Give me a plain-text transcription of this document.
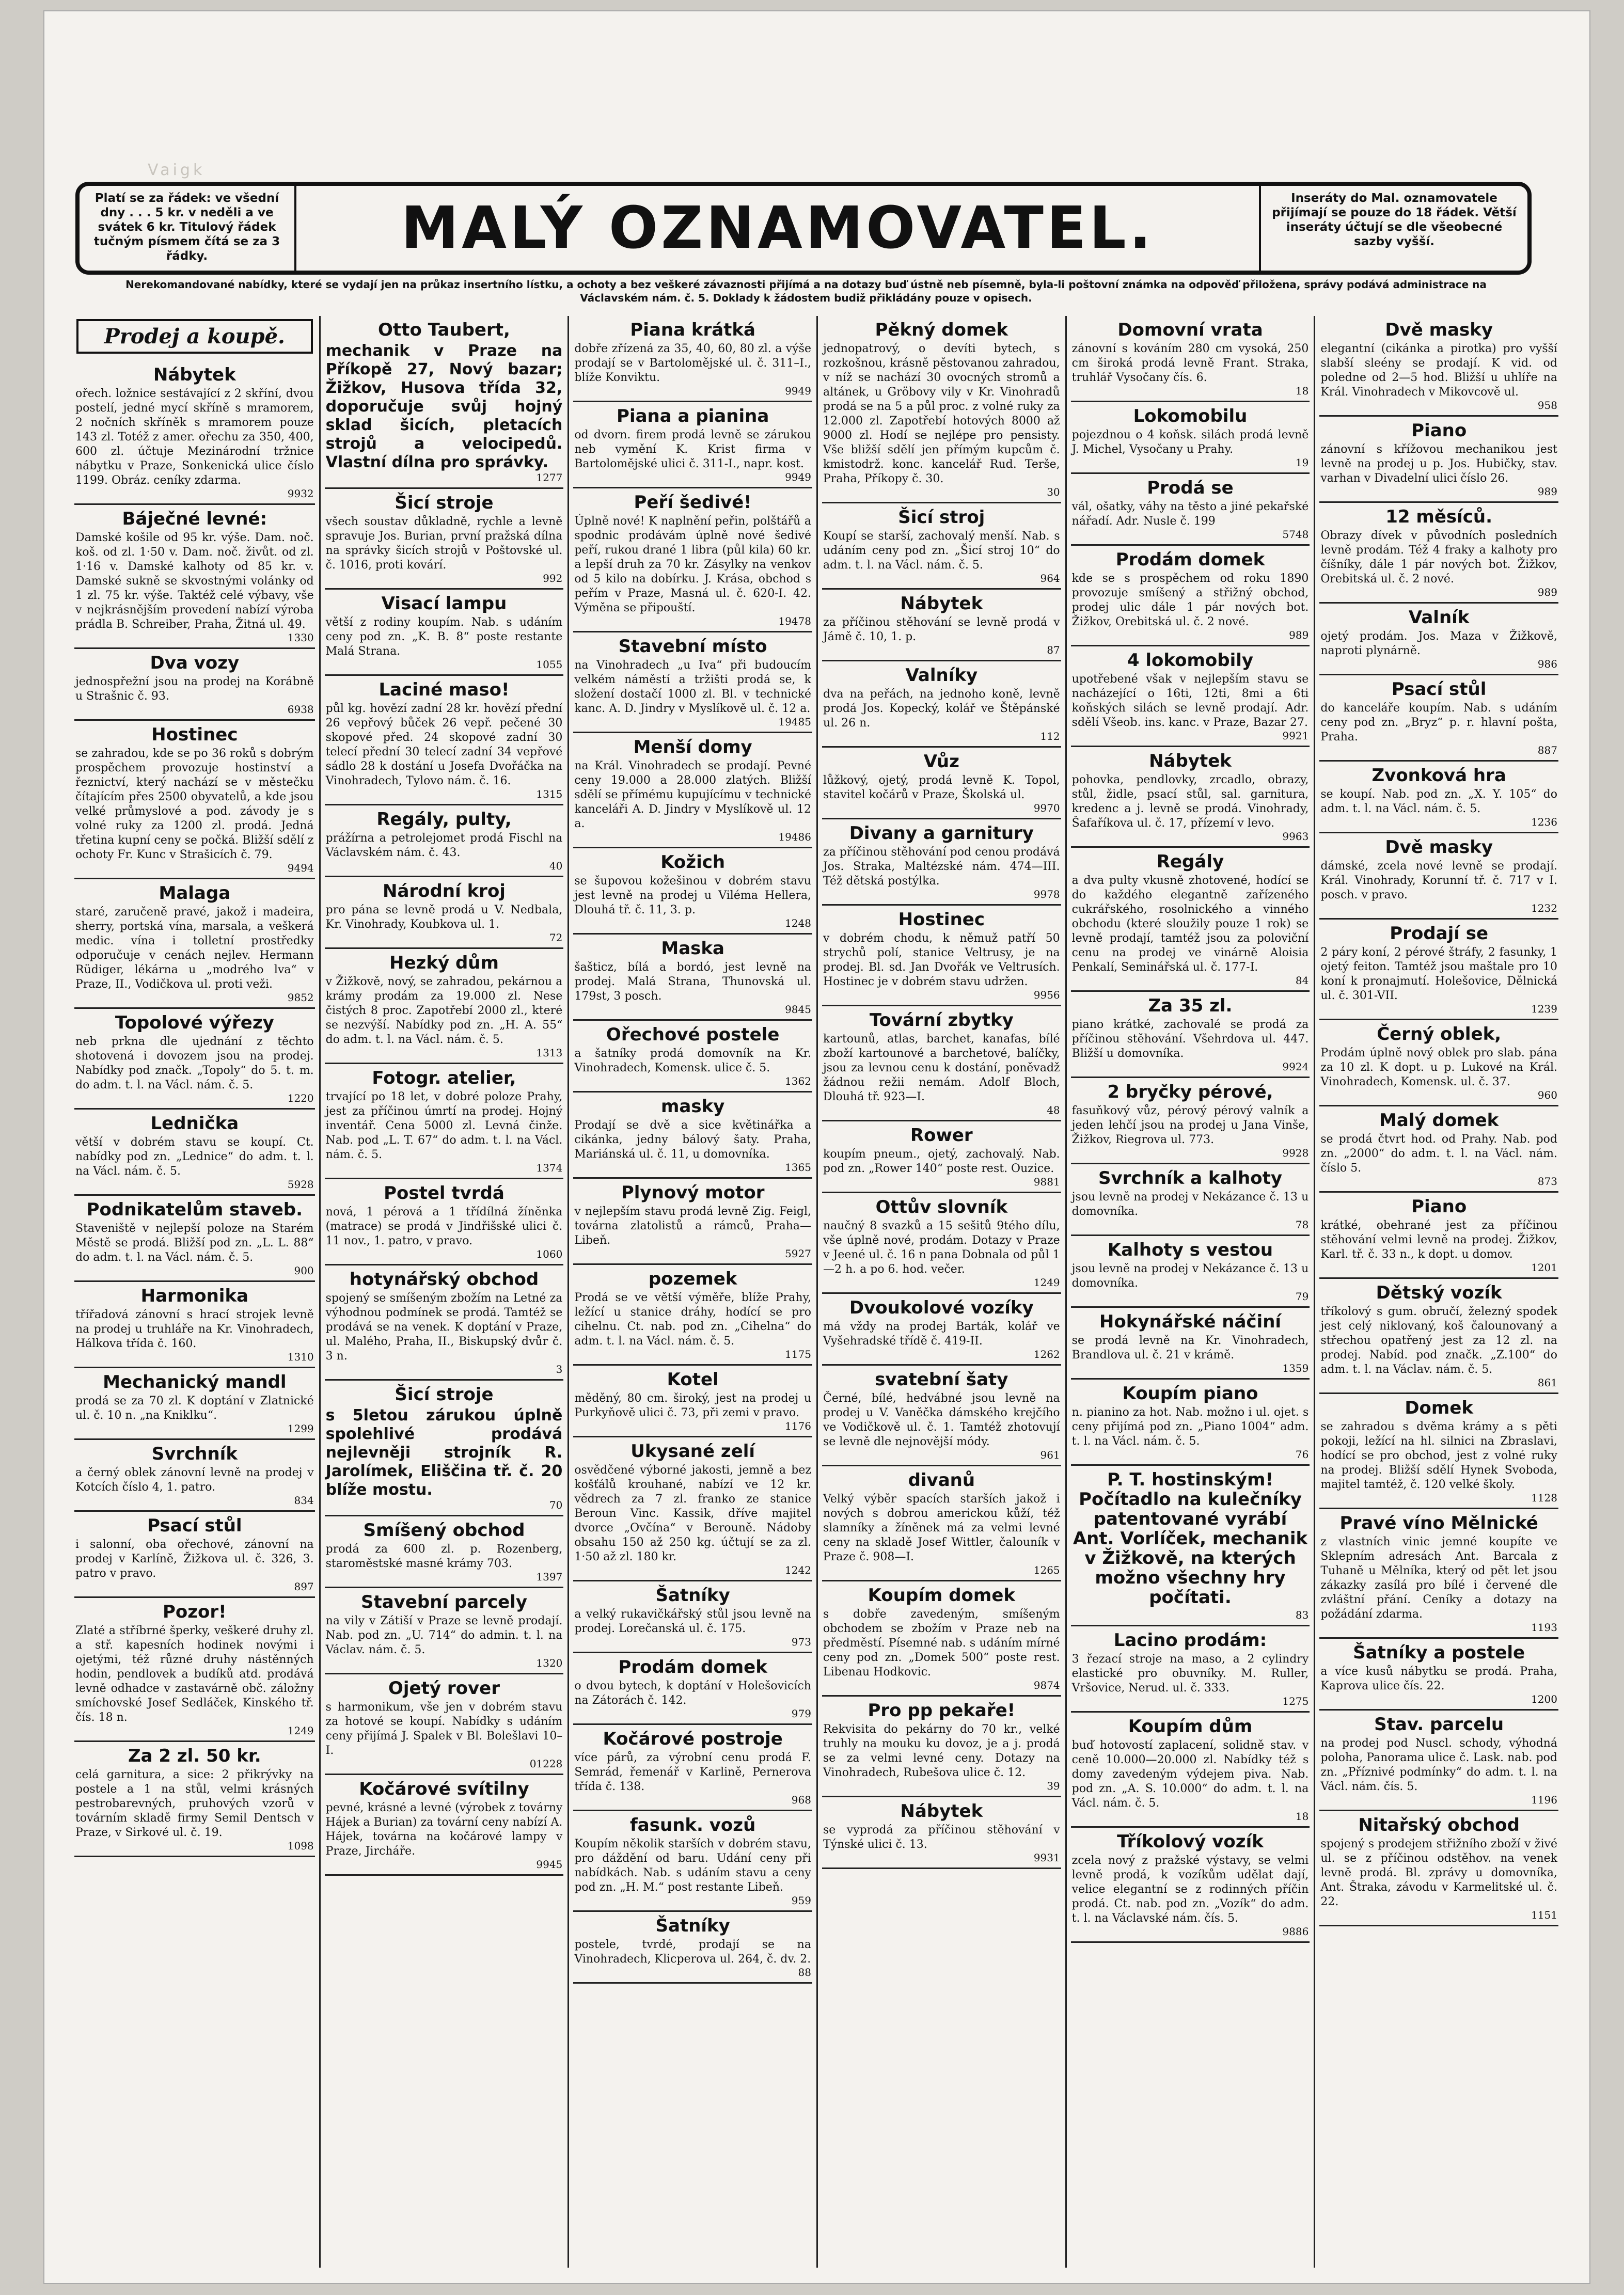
Vaigk
Platí se za řádek: ve všední dny . . . 5 kr. v neděli a ve svátek 6 kr. Titulový řádek tučným písmem čítá se za 3 řádky.	MALÝ OZNAMOVATEL.	Inseráty do Mal. oznamovatele přijímají se pouze do 18 řádek. Větší inseráty účtují se dle všeobecné sazby vyšší.
Nerekomandované nabídky, které se vydají jen na průkaz insertního lístku, a ochoty a bez veškeré závaznosti přijímá a na dotazy buď ústně neb písemně, byla-li poštovní známka na odpověď přiložena, správy podává administrace na Václavském nám. č. 5. Doklady k žádostem budiž přikládány pouze v opisech.
Prodej a koupě.
Nábytek

ořech. ložnice sestávající z 2 skříní, dvou postelí, jedné mycí skříně s mramorem, 2 nočních skříněk s mramorem pouze 143 zl. Totéž z amer. ořechu za 350, 400, 600 zl. účtuje Mezinárodní tržnice nábytku v Praze, Sonkenická ulice číslo 1199. Obráz. ceníky zdarma.

9932
Báječné levné:

Damské košile od 95 kr. výše. Dam. noč. koš. od zl. 1·50 v. Dam. noč. živůt. od zl. 1·16 v. Damské kalhoty od 85 kr. v. Damské sukně se skvostnými volánky od 1 zl. 75 kr. výše. Taktéž celé výbavy, vše v nejkrásnějším provedení nabízí výroba prádla B. Schreiber, Praha, Žitná ul. 49.

1330
Dva vozy

jednospřežní jsou na prodej na Korábně u Strašnic č. 93.

6938
Hostinec

se zahradou, kde se po 36 roků s dobrým prospěchem provozuje hostinství a řeznictví, který nachází se v městečku čítajícím přes 2500 obyvatelů, a kde jsou velké průmyslové a pod. závody je s volné ruky za 1200 zl. prodá. Jedná třetina kupní ceny se počká. Bližší sdělí z ochoty Fr. Kunc v Strašicích č. 79.

9494
Malaga

staré, zaručeně pravé, jakož i madeira, sherry, portská vína, marsala, a veškerá medic. vína i tolletní prostředky odporučuje v cenách nejlev. Hermann Rüdiger, lékárna u „modrého lva“ v Praze, II., Vodičkova ul. proti veži.

9852
Topolové výřezy

neb prkna dle ujednání z těchto shotovená i dovozem jsou na prodej. Nabídky pod značk. „Topoly“ do 5. t. m. do adm. t. l. na Václ. nám. č. 5.

1220
Lednička

větší v dobrém stavu se koupí. Ct. nabídky pod zn. „Lednice“ do adm. t. l. na Václ. nám. č. 5.

5928
Podnikatelům staveb.

Staveniště v nejlepší poloze na Starém Městě se prodá. Bližší pod zn. „L. L. 88“ do adm. t. l. na Václ. nám. č. 5.

900
Harmonika

třířadová zánovní s hrací strojek levně na prodej u truhláře na Kr. Vinohradech, Hálkova třída č. 160.

1310
Mechanický mandl

prodá se za 70 zl. K doptání v Zlatnické ul. č. 10 n. „na Kniklku“.

1299
Svrchník

a černý oblek zánovní levně na prodej v Kotcích číslo 4, 1. patro.

834
Psací stůl

i salonní, oba ořechové, zánovní na prodej v Karlíně, Žižkova ul. č. 326, 3. patro v pravo.

897
Pozor!

Zlaté a stříbrné šperky, veškeré druhy zl. a stř. kapesních hodinek novými i ojetými, též různé druhy nástěnných hodin, pendlovek a budíků atd. prodává levně odhadce v zastavárně obč. záložny smíchovské Josef Sedláček, Kinského tř. čís. 18 n.

1249
Za 2 zl. 50 kr.

celá garnitura, a sice: 2 přikrývky na postele a 1 na stůl, velmi krásných pestrobarevných, pruhových vzorů v továrním skladě firmy Semil Dentsch v Praze, v Sirkové ul. č. 19.

1098
Otto Taubert,

mechanik v Praze na Příkopě 27, Nový bazar; Žižkov, Husova třída 32, doporučuje svůj hojný sklad šicích, pletacích strojů a velocipedů. Vlastní dílna pro správky.

1277
Šicí stroje

všech soustav důkladně, rychle a levně spravuje Jos. Burian, první pražská dílna na správky šicích strojů v Poštovské ul. č. 1016, proti kovárí.

992
Visací lampu

větší z rodiny koupím. Nab. s udáním ceny pod zn. „K. B. 8“ poste restante Malá Strana.

1055
Laciné maso!

půl kg. hovězí zadní 28 kr. hovězí přední 26 vepřový bůček 26 vepř. pečené 30 skopové před. 24 skopové zadní 30 telecí přední 30 telecí zadní 34 vepřové sádlo 28 k dostání u Josefa Dvořáčka na Vinohradech, Tylovo nám. č. 16.

1315
Regály, pulty,

prážírna a petrolejomet prodá Fischl na Václavském nám. č. 43.

40
Národní kroj

pro pána se levně prodá u V. Nedbala, Kr. Vinohrady, Koubkova ul. 1.

72
Hezký dům

v Žižkově, nový, se zahradou, pekárnou a krámy prodám za 19.000 zl. Nese čistých 8 proc. Zapotřebí 2000 zl., které se nezvýší. Nabídky pod zn. „H. A. 55“ do adm. t. l. na Václ. nám. č. 5.

1313
Fotogr. atelier,

trvající po 18 let, v dobré poloze Prahy, jest za příčinou úmrtí na prodej. Hojný inventář. Cena 5000 zl. Levná činže. Nab. pod „L. T. 67“ do adm. t. l. na Václ. nám. č. 5.

1374
Postel tvrdá

nová, 1 pérová a 1 třídílná žíněnka (matrace) se prodá v Jindřišské ulici č. 11 nov., 1. patro, v pravo.

1060
hotynářský obchod

spojený se smíšeným zbožím na Letné za výhodnou podmínek se prodá. Tamtéž se prodává se na venek. K doptání v Praze, ul. Malého, Praha, II., Biskupský dvůr č. 3 n.

3
Šicí stroje

s 5letou zárukou úplně spolehlivé prodává nejlevněji strojník R. Jarolímek, Eliščina tř. č. 20 blíže mostu.

70
Smíšený obchod

prodá za 600 zl. p. Rozenberg, staroměstské masné krámy 703.

1397
Stavební parcely

na vily v Zátiší v Praze se levně prodají. Nab. pod zn. „U. 714“ do admin. t. l. na Václav. nám. č. 5.

1320
Ojetý rover

s harmonikum, vše jen v dobrém stavu za hotové se koupí. Nabídky s udáním ceny přijímá J. Spalek v Bl. Bolešlavi 10–I.

01228
Kočárové svítilny

pevné, krásné a levné (výrobek z továrny Hájek a Burian) za tovární ceny nabízí A. Hájek, továrna na kočárové lampy v Praze, Jircháře.

9945
Piana krátká

dobře zřízená za 35, 40, 60, 80 zl. a výše prodají se v Bartolomějské ul. č. 311–I., blíže Konviktu.

9949
Piana a pianina

od dvorn. firem prodá levně se zárukou neb vymění K. Krist firma v Bartolomějské ulici č. 311-I., napr. kost.

9949
Peří šedivé!

Úplně nové! K naplnění peřin, polštářů a spodnic prodávám úplně nové šedivé peří, rukou drané 1 libra (půl kila) 60 kr. a lepší druh za 70 kr. Zásylky na venkov od 5 kilo na dobírku. J. Krása, obchod s peřím v Praze, Masná ul. č. 620-I. 42. Výměna se připouští.

19478
Stavební místo

na Vinohradech „u Iva“ při budoucím velkém náměstí a tržišti prodá se, k složení dostačí 1000 zl. Bl. v technické kanc. A. D. Jindry v Myslíkově ul. č. 12 a.

19485
Menší domy

na Král. Vinohradech se prodají. Pevné ceny 19.000 a 28.000 zlatých. Bližší sdělí se přímému kupujícímu v technické kanceláři A. D. Jindry v Myslíkově ul. 12 a.

19486
Kožich

se šupovou kožešinou v dobrém stavu jest levně na prodej u Viléma Hellera, Dlouhá tř. č. 11, 3. p.

1248
Maska

šašticz, bílá a bordó, jest levně na prodej. Malá Strana, Thunovská ul. 179st, 3 posch.

9845
Ořechové postele

a šatníky prodá domovník na Kr. Vinohradech, Komensk. ulice č. 5.

1362
masky

Prodají se dvě a sice květinářka a cikánka, jedny bálový šaty. Praha, Mariánská ul. č. 11, u domovníka.

1365
Plynový motor

v nejlepším stavu prodá levně Zig. Feigl, továrna zlatolistů a rámců, Praha—Libeň.

5927
pozemek

Prodá se ve větší výměře, blíže Prahy, ležící u stanice dráhy, hodící se pro cihelnu. Ct. nab. pod zn. „Cihelna“ do adm. t. l. na Václ. nám. č. 5.

1175
Kotel

měděný, 80 cm. široký, jest na prodej u Purkyňově ulici č. 73, při zemi v pravo.

1176
Ukysané zelí

osvědčené výborné jakosti, jemně a bez košťálů krouhané, nabízí ve 12 kr. vědrech za 7 zl. franko ze stanice Beroun Vinc. Kassik, dříve majitel dvorce „Ovčína“ v Berouně. Nádoby obsahu 150 až 250 kg. účtují se za zl. 1·50 až zl. 180 kr.

1242
Šatníky

a velký rukavičkářský stůl jsou levně na prodej. Lorečanská ul. č. 175.

973
Prodám domek

o dvou bytech, k doptání v Holešovicích na Zátorách č. 142.

979
Kočárové postroje

více párů, za výrobní cenu prodá F. Semrád, řemenář v Karlině, Pernerova třída č. 138.

968
fasunk. vozů

Koupím několik starších v dobrém stavu, pro dáždění od baru. Udání ceny při nabídkách. Nab. s udáním stavu a ceny pod zn. „H. M.“ post restante Libeň.

959
Šatníky

postele, tvrdé, prodají se na Vinohradech, Klicperova ul. 264, č. dv. 2.

88
Pěkný domek

jednopatrový, o devíti bytech, s rozkošnou, krásně pěstovanou zahradou, v níž se nachází 30 ovocných stromů a altánek, u Gröbovy vily v Kr. Vinohradů prodá se na 5 a půl proc. z volné ruky za 12.000 zl. Zapotřebí hotových 8000 až 9000 zl. Hodí se nejlépe pro pensisty. Vše bližší sdělí jen přímým kupcům č. kmistodrž. konc. kancelář Rud. Terše, Praha, Příkopy č. 30.

30
Šicí stroj

Koupí se starší, zachovalý menší. Nab. s udáním ceny pod zn. „Šicí stroj 10“ do adm. t. l. na Václ. nám. č. 5.

964
Nábytek

za příčinou stěhování se levně prodá v Jámě č. 10, 1. p.

87
Valníky

dva na peřách, na jednoho koně, levně prodá Jos. Kopecký, kolář ve Štěpánské ul. 26 n.

112
Vůz

lůžkový, ojetý, prodá levně K. Topol, stavitel kočárů v Praze, Školská ul.

9970
Divany a garnitury

za příčinou stěhování pod cenou prodává Jos. Straka, Maltézské nám. 474—III. Též dětská postýlka.

9978
Hostinec

v dobrém chodu, k němuž patří 50 strychů polí, stanice Veltrusy, je na prodej. Bl. sd. Jan Dvořák ve Veltrusích. Hostinec je v dobrém stavu udržen.

9956
Tovární zbytky

kartounů, atlas, barchet, kanafas, bílé zboží kartounové a barchetové, balíčky, jsou za levnou cenu k dostání, poněvadž žádnou režii nemám. Adolf Bloch, Dlouhá tř. 923—I.

48
Rower

koupím pneum., ojetý, zachovalý. Nab. pod zn. „Rower 140“ poste rest. Ouzice.

9881
Ottův slovník

naučný 8 svazků a 15 sešitů 9tého dílu, vše úplně nové, prodám. Dotazy v Praze v Jeené ul. č. 16 n pana Dobnala od půl 1—2 h. a po 6. hod. večer.

1249
Dvoukolové vozíky

má vždy na prodej Barták, kolář ve Vyšehradské třídě č. 419-II.

1262
svatební šaty

Černé, bílé, hedvábné jsou levně na prodej u V. Vaněčka dámského krejčího ve Vodičkově ul. č. 1. Tamtéž zhotovují se levně dle nejnovější módy.

961
divanů

Velký výběr spacích starších jakož i nových s dobrou americkou kůží, též slamníky a žíněnek má za velmi levné ceny na skladě Josef Wittler, čalouník v Praze č. 908—I.

1265
Koupím domek

s dobře zavedeným, smíšeným obchodem se zbožím v Praze neb na předměstí. Písemné nab. s udáním mírné ceny pod zn. „Domek 500“ poste rest. Libenau Hodkovic.

9874
Pro pp pekaře!

Rekvisita do pekárny do 70 kr., velké truhly na mouku ku dovoz, je a j. prodá se za velmi levné ceny. Dotazy na Vinohradech, Rubešova ulice č. 12.

39
Nábytek

se vyprodá za příčinou stěhování v Týnské ulici č. 13.

9931
Domovní vrata

zánovní s kováním 280 cm vysoká, 250 cm široká prodá levně Frant. Straka, truhlář Vysočany čís. 6.

18
Lokomobilu

pojezdnou o 4 koňsk. silách prodá levně J. Michel, Vysočany u Prahy.

19
Prodá se

vál, ošatky, váhy na těsto a jiné pekařské nářadí. Adr. Nusle č. 199

5748
Prodám domek

kde se s prospěchem od roku 1890 provozuje smíšený a střižný obchod, prodej ulic dále 1 pár nových bot. Žižkov, Orebitská ul. č. 2 nové.

989
4 lokomobily

upotřebené však v nejlepším stavu se nacházející o 16ti, 12ti, 8mi a 6ti koňských silách se levně prodají. Adr. sdělí Všeob. ins. kanc. v Praze, Bazar 27.

9921
Nábytek

pohovka, pendlovky, zrcadlo, obrazy, stůl, židle, psací stůl, sal. garnitura, kredenc a j. levně se prodá. Vinohrady, Šafaříkova ul. č. 17, přízemí v levo.

9963
Regály

a dva pulty vkusně zhotovené, hodící se do každého elegantně zařízeného cukrářského, rosolnického a vinného obchodu (které sloužily pouze 1 rok) se levně prodají, tamtéž jsou za poloviční cenu na prodej ve vinárně Aloisia Penkalí, Seminářská ul. č. 177-I.

84
Za 35 zl.

piano krátké, zachovalé se prodá za příčinou stěhování. Všehrdova ul. 447. Bližší u domovníka.

9924
2 bryčky pérové,

fasuňkový vůz, pérový pérový valník a jeden lehčí jsou na prodej u Jana Vinše, Žižkov, Riegrova ul. 773.

9928
Svrchník a kalhoty

jsou levně na prodej v Nekázance č. 13 u domovníka.

78
Kalhoty s vestou

jsou levně na prodej v Nekázance č. 13 u domovníka.

79
Hokynářské náčiní

se prodá levně na Kr. Vinohradech, Brandlova ul. č. 21 v krámě.

1359
Koupím piano

n. pianino za hot. Nab. možno i ul. ojet. s ceny přijímá pod zn. „Piano 1004“ adm. t. l. na Václ. nám. č. 5.

76
P. T. hostinským! Počítadlo na kulečníky patentované vyrábí Ant. Vorlíček, mechanik v Žižkově, na kterých možno všechny hry počítati.
83
Lacino prodám:

3 řezací stroje na maso, a 2 cylindry elastické pro obuvníky. M. Ruller, Vršovice, Nerud. ul. č. 333.

1275
Koupím dům

buď hotovostí zaplacení, solidně stav. v ceně 10.000—20.000 zl. Nabídky též s domy zavedeným výdejem piva. Nab. pod zn. „A. S. 10.000“ do adm. t. l. na Václ. nám. č. 5.

18
Tříkolový vozík

zcela nový z pražské výstavy, se velmi levně prodá, k vozíkům udělat dají, velice elegantní se z rodinných příčin prodá. Ct. nab. pod zn. „Vozík“ do adm. t. l. na Václavské nám. čís. 5.

9886
Dvě masky

elegantní (cikánka a pirotka) pro vyšší slabší sleény se prodají. K vid. od poledne od 2—5 hod. Bližší u uhlíře na Král. Vinohradech v Mikovcově ul.

958
Piano

zánovní s křížovou mechanikou jest levně na prodej u p. Jos. Hubičky, stav. varhan v Divadelní ulici číslo 26.

989
12 měsíců.

Obrazy dívek v původních posledních levně prodám. Též 4 fraky a kalhoty pro číšníky, dále 1 pár nových bot. Žižkov, Orebitská ul. č. 2 nové.

989
Valník

ojetý prodám. Jos. Maza v Žižkově, naproti plynárně.

986
Psací stůl

do kanceláře koupím. Nab. s udáním ceny pod zn. „Bryz“ p. r. hlavní pošta, Praha.

887
Zvonková hra

se koupí. Nab. pod zn. „X. Y. 105“ do adm. t. l. na Václ. nám. č. 5.

1236
Dvě masky

dámské, zcela nové levně se prodají. Král. Vinohrady, Korunní tř. č. 717 v I. posch. v pravo.

1232
Prodají se

2 páry koní, 2 pérové štráfy, 2 fasunky, 1 ojetý feiton. Tamtéž jsou maštale pro 10 koní k pronajmutí. Holešovice, Dělnická ul. č. 301-VII.

1239
Černý oblek,

Prodám úplně nový oblek pro slab. pána za 10 zl. K dopt. u p. Lukové na Král. Vinohradech, Komensk. ul. č. 37.

960
Malý domek

se prodá čtvrt hod. od Prahy. Nab. pod zn. „2000“ do adm. t. l. na Václ. nám. číslo 5.

873
Piano

krátké, obehrané jest za příčinou stěhování velmi levně na prodej. Žižkov, Karl. tř. č. 33 n., k dopt. u domov.

1201
Dětský vozík

tříkolový s gum. obručí, železný spodek jest celý niklovaný, koš čalounovaný a střechou opatřený jest za 12 zl. na prodej. Nabíd. pod značk. „Z.100“ do adm. t. l. na Václav. nám. č. 5.

861
Domek

se zahradou s dvěma krámy a s pěti pokoji, ležící na hl. silnici na Zbraslavi, hodící se pro obchod, jest z volné ruky na prodej. Bližší sdělí Hynek Svoboda, majitel tamtéž, č. 120 velké školy.

1128
Pravé víno Mělnické

z vlastních vinic jemné koupíte ve Sklepním adresách Ant. Barcala z Tuhaně u Mělníka, který od pět let jsou zákazky zasílá pro bílé i červené dle zvláštní přání. Ceníky a dotazy na požádání zdarma.

1193
Šatníky a postele

a více kusů nábytku se prodá. Praha, Kaprova ulice čís. 22.

1200
Stav. parcelu

na prodej pod Nuscl. schody, výhodná poloha, Panorama ulice č. Lask. nab. pod zn. „Příznivé podmínky“ do adm. t. l. na Václ. nám. čís. 5.

1196
Nitařský obchod

spojený s prodejem střižního zboží v živé ul. se z příčinou odstěhov. na venek levně prodá. Bl. zprávy u domovníka, Ant. Štraka, závodu v Karmelitské ul. č. 22.

1151
